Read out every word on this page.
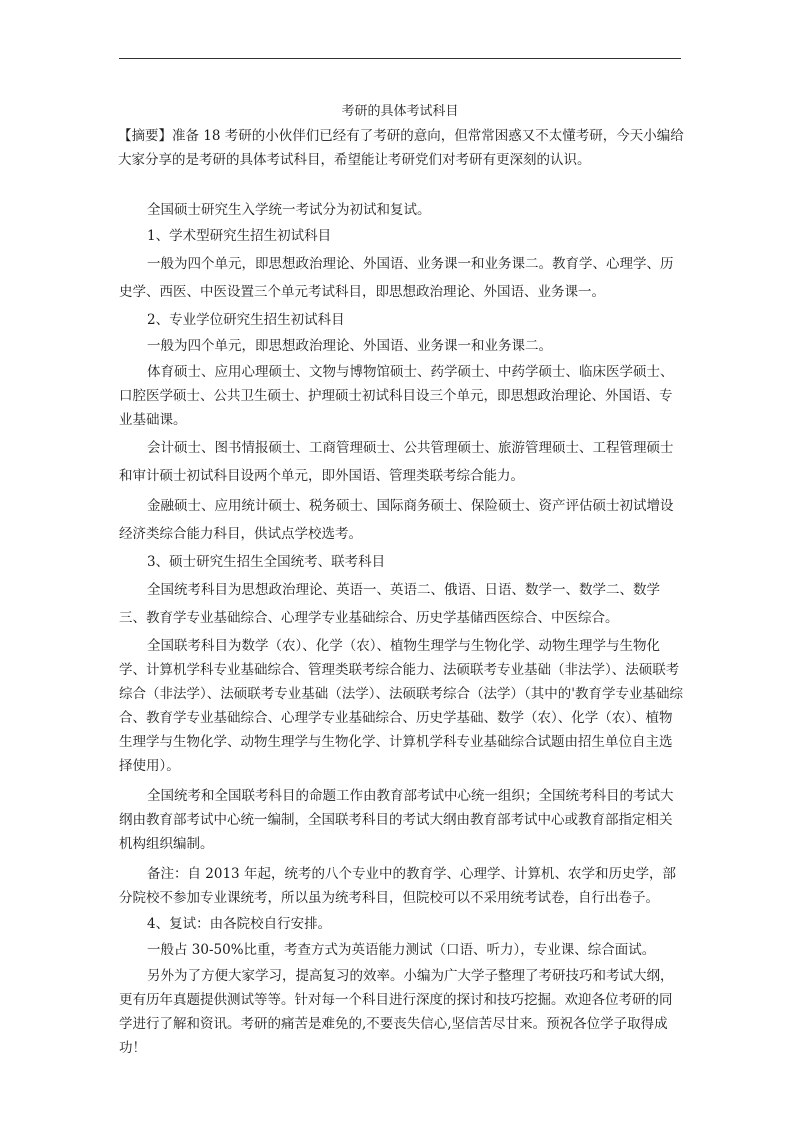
考研的具体考试科目
【摘要】准备 18 考研的小伙伴们已经有了考研的意向，但常常困惑又不太懂考研，今天小编给大家分享的是考研的具体考试科目，希望能让考研党们对考研有更深刻的认识。

全国硕士研究生入学统一考试分为初试和复试。

1、学术型研究生招生初试科目

一般为四个单元，即思想政治理论、外国语、业务课一和业务课二。教育学、心理学、历史学、西医、中医设置三个单元考试科目，即思想政治理论、外国语、业务课一。

2、专业学位研究生招生初试科目

一般为四个单元，即思想政治理论、外国语、业务课一和业务课二。

体育硕士、应用心理硕士、文物与博物馆硕士、药学硕士、中药学硕士、临床医学硕士、口腔医学硕士、公共卫生硕士、护理硕士初试科目设三个单元，即思想政治理论、外国语、专业基础课。

会计硕士、图书情报硕士、工商管理硕士、公共管理硕士、旅游管理硕士、工程管理硕士和审计硕士初试科目设两个单元，即外国语、管理类联考综合能力。

金融硕士、应用统计硕士、税务硕士、国际商务硕士、保险硕士、资产评估硕士初试增设经济类综合能力科目，供试点学校选考。

3、硕士研究生招生全国统考、联考科目

全国统考科目为思想政治理论、英语一、英语二、俄语、日语、数学一、数学二、数学三、教育学专业基础综合、心理学专业基础综合、历史学基储西医综合、中医综合。

全国联考科目为数学（农）、化学（农）、植物生理学与生物化学、动物生理学与生物化学、计算机学科专业基础综合、管理类联考综合能力、法硕联考专业基础（非法学）、法硕联考综合（非法学）、法硕联考专业基础（法学）、法硕联考综合（法学）（其中的'教育学专业基础综合、教育学专业基础综合、心理学专业基础综合、历史学基础、数学（农）、化学（农）、植物生理学与生物化学、动物生理学与生物化学、计算机学科专业基础综合试题由招生单位自主选择使用）。

全国统考和全国联考科目的命题工作由教育部考试中心统一组织；全国统考科目的考试大纲由教育部考试中心统一编制，全国联考科目的考试大纲由教育部考试中心或教育部指定相关机构组织编制。

备注：自 2013 年起，统考的八个专业中的教育学、心理学、计算机、农学和历史学，部分院校不参加专业课统考，所以虽为统考科目，但院校可以不采用统考试卷，自行出卷子。

4、复试：由各院校自行安排。

一般占 30-50%比重，考查方式为英语能力测试（口语、听力），专业课、综合面试。

另外为了方便大家学习，提高复习的效率。小编为广大学子整理了考研技巧和考试大纲，更有历年真题提供测试等等。针对每一个科目进行深度的探讨和技巧挖掘。欢迎各位考研的同学进行了解和资讯。考研的痛苦是难免的,不要丧失信心,坚信苦尽甘来。预祝各位学子取得成功！
